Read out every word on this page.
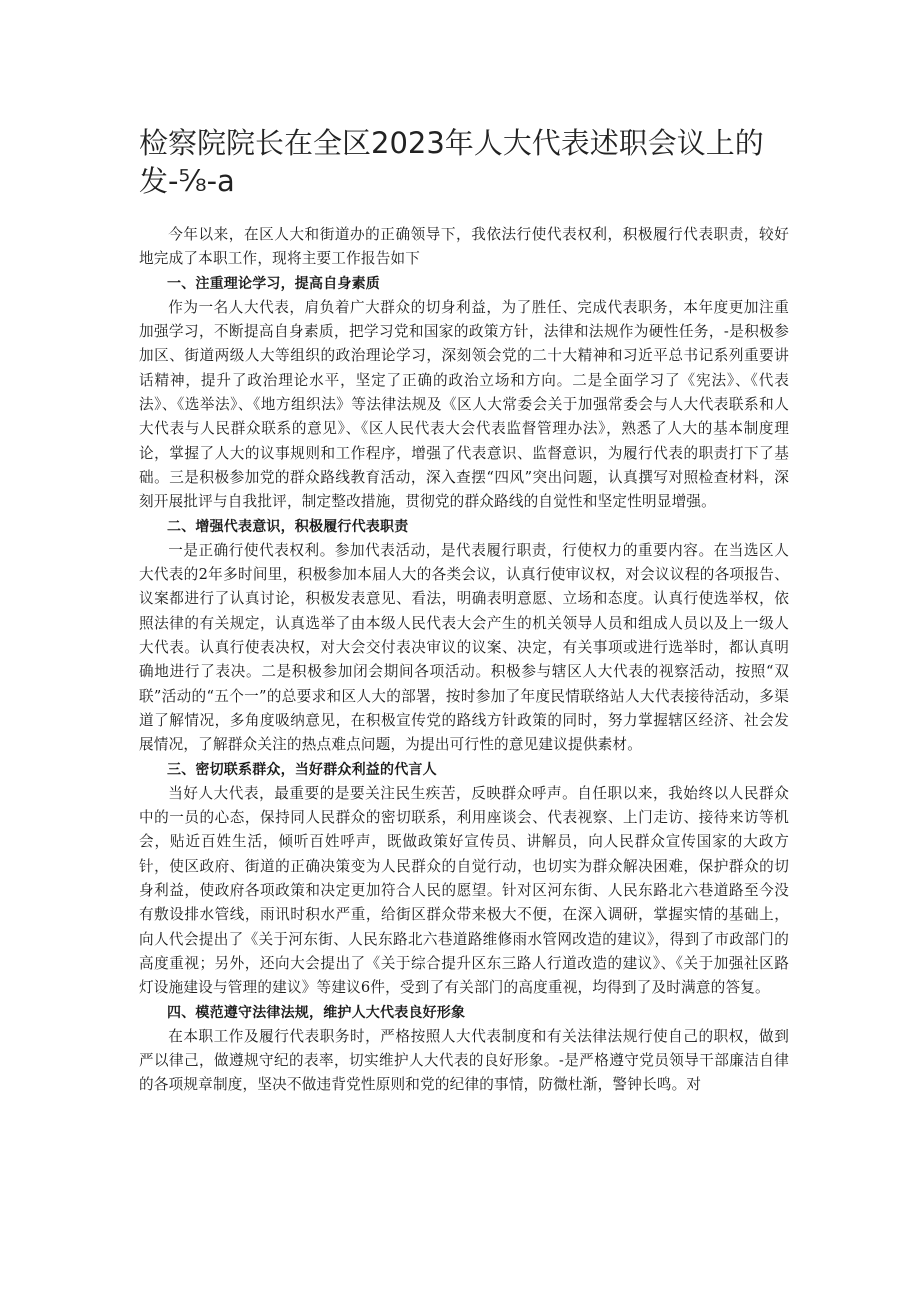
检察院院长在全区2023年人大代表述职会议上的发-⅝-a

今年以来，在区人大和街道办的正确领导下，我依法行使代表权利，积极履行代表职责，较好地完成了本职工作，现将主要工作报告如下

一、注重理论学习，提高自身素质

作为一名人大代表，肩负着广大群众的切身利益，为了胜任、完成代表职务，本年度更加注重加强学习，不断提高自身素质，把学习党和国家的政策方针，法律和法规作为硬性任务，-是积极参加区、街道两级人大等组织的政治理论学习，深刻领会党的二十大精神和习近平总书记系列重要讲话精神，提升了政治理论水平，坚定了正确的政治立场和方向。二是全面学习了《宪法》、《代表法》、《选举法》、《地方组织法》等法律法规及《区人大常委会关于加强常委会与人大代表联系和人大代表与人民群众联系的意见》、《区人民代表大会代表监督管理办法》，熟悉了人大的基本制度理论，掌握了人大的议事规则和工作程序，增强了代表意识、监督意识，为履行代表的职责打下了基础。三是积极参加党的群众路线教育活动，深入查摆“四风”突出问题，认真撰写对照检查材料，深刻开展批评与自我批评，制定整改措施，贯彻党的群众路线的自觉性和坚定性明显增强。

二、增强代表意识，积极履行代表职责

一是正确行使代表权利。参加代表活动，是代表履行职责，行使权力的重要内容。在当选区人大代表的2年多时间里，积极参加本届人大的各类会议，认真行使审议权，对会议议程的各项报告、议案都进行了认真讨论，积极发表意见、看法，明确表明意愿、立场和态度。认真行使选举权，依照法律的有关规定，认真选举了由本级人民代表大会产生的机关领导人员和组成人员以及上一级人大代表。认真行使表决权，对大会交付表决审议的议案、决定，有关事项或进行选举时，都认真明确地进行了表决。二是积极参加闭会期间各项活动。积极参与辖区人大代表的视察活动，按照“双联”活动的“五个一”的总要求和区人大的部署，按时参加了年度民情联络站人大代表接待活动，多渠道了解情况，多角度吸纳意见，在积极宣传党的路线方针政策的同时，努力掌握辖区经济、社会发展情况，了解群众关注的热点难点问题，为提出可行性的意见建议提供素材。

三、密切联系群众，当好群众利益的代言人

当好人大代表，最重要的是要关注民生疾苦，反映群众呼声。自任职以来，我始终以人民群众中的一员的心态，保持同人民群众的密切联系，利用座谈会、代表视察、上门走访、接待来访等机会，贴近百姓生活，倾听百姓呼声，既做政策好宣传员、讲解员，向人民群众宣传国家的大政方针，使区政府、街道的正确决策变为人民群众的自觉行动，也切实为群众解决困难，保护群众的切身利益，使政府各项政策和决定更加符合人民的愿望。针对区河东街、人民东路北六巷道路至今没有敷设排水管线，雨讯时积水严重，给街区群众带来极大不便，在深入调研，掌握实情的基础上，向人代会提出了《关于河东街、人民东路北六巷道路维修雨水管网改造的建议》，得到了市政部门的高度重视；另外，还向大会提出了《关于综合提升区东三路人行道改造的建议》、《关于加强社区路灯设施建设与管理的建议》等建议6件，受到了有关部门的高度重视，均得到了及时满意的答复。

四、模范遵守法律法规，维护人大代表良好形象

在本职工作及履行代表职务时，严格按照人大代表制度和有关法律法规行使自己的职权，做到严以律己，做遵规守纪的表率，切实维护人大代表的良好形象。-是严格遵守党员领导干部廉洁自律的各项规章制度，坚决不做违背党性原则和党的纪律的事情，防微杜渐，警钟长鸣。对
